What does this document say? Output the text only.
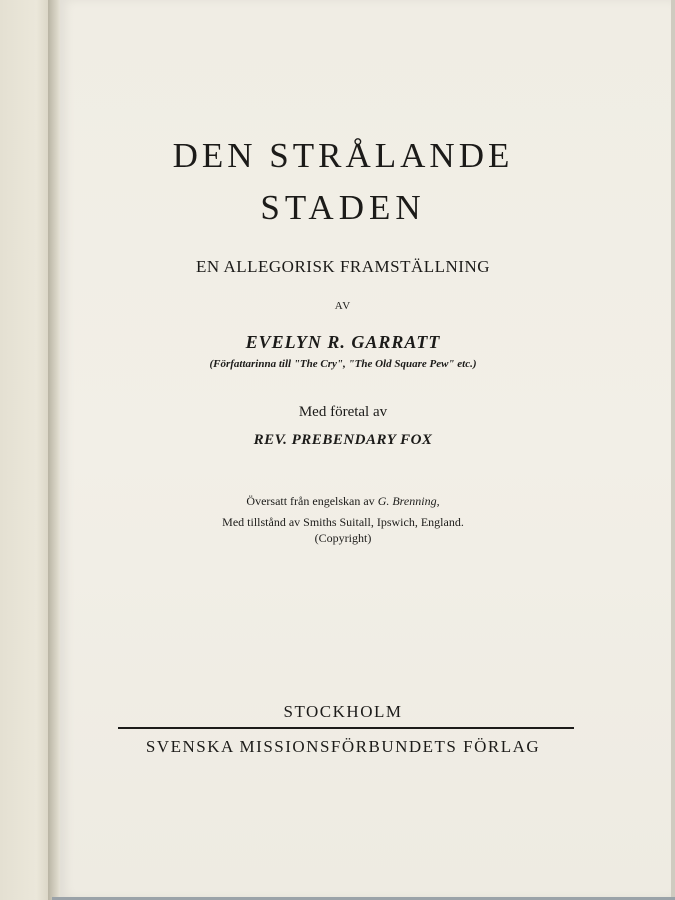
DEN STRÅLANDE
STADEN
EN ALLEGORISK FRAMSTÄLLNING
AV
EVELYN R. GARRATT
(Författarinna till "The Cry", "The Old Square Pew" etc.)
Med företal av
REV. PREBENDARY FOX
Översatt från engelskan av G. Brenning,
Med tillstånd av Smiths Suitall, Ipswich, England.
(Copyright)
STOCKHOLM
SVENSKA MISSIONSFÖRBUNDETS FÖRLAG
